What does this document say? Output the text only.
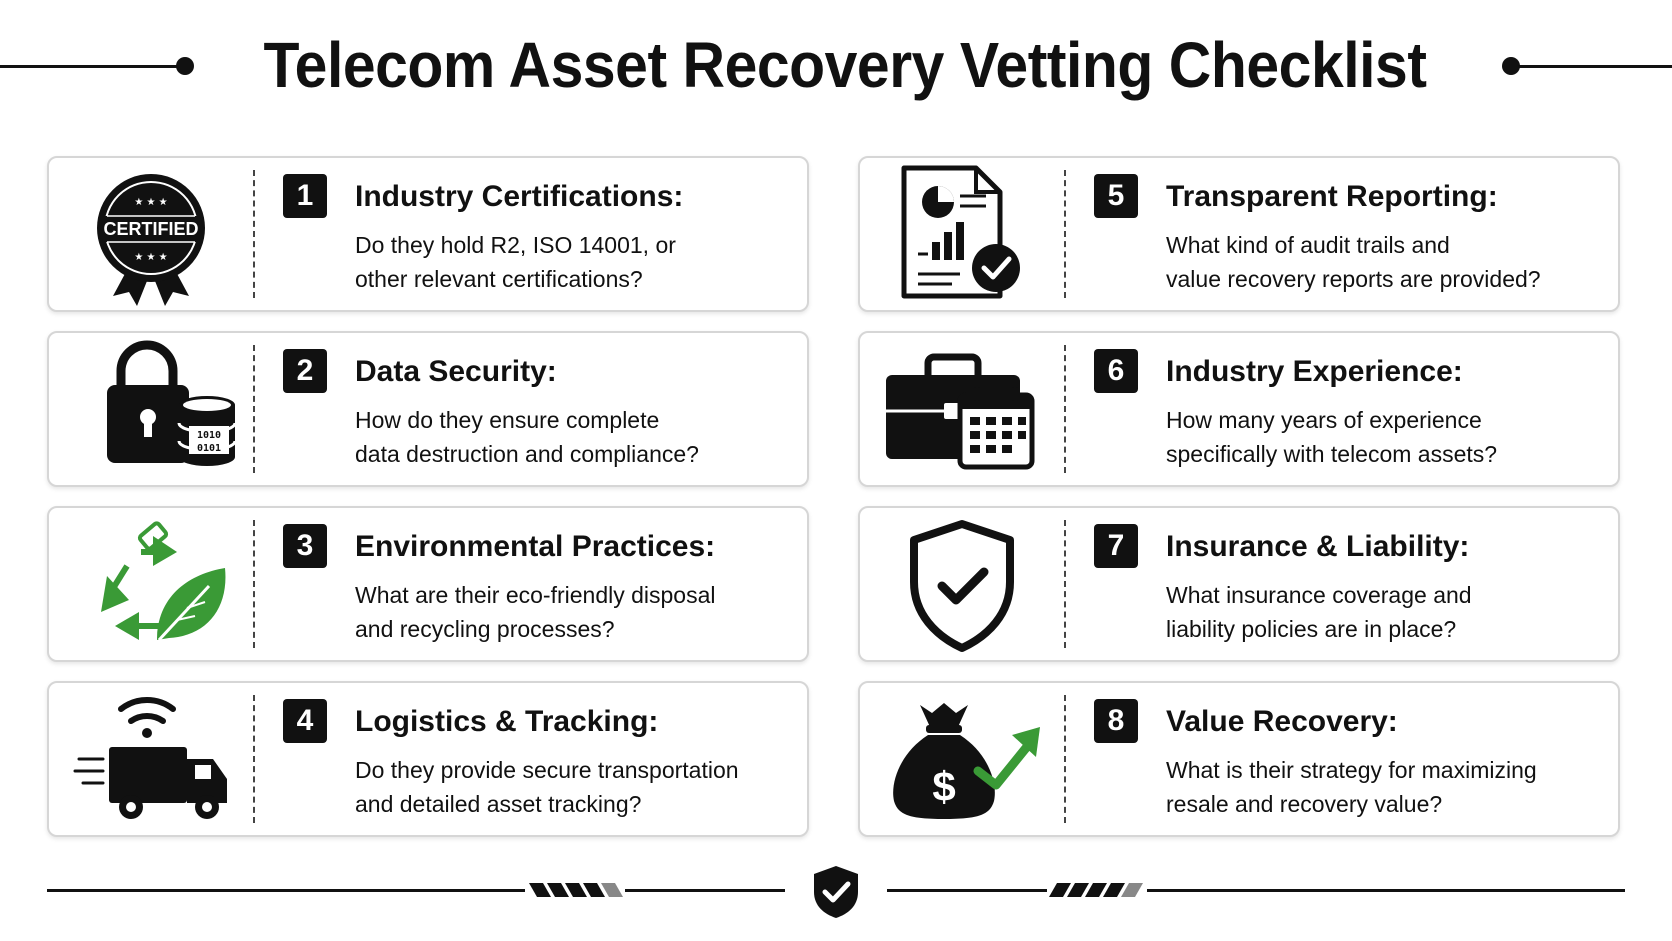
Telecom Asset Recovery Vetting Checklist
★ ★ ★
CERTIFIED
★ ★ ★
1	Industry Certifications:
Do they hold R2, ISO 14001, or
other relevant certifications?
1010
0101
2	Data Security:
How do they ensure complete
data destruction and compliance?
3	Environmental Practices:
What are their eco-friendly disposal
and recycling processes?
4	Logistics & Tracking:
Do they provide secure transportation
and detailed asset tracking?
5	Transparent Reporting:
What kind of audit trails and
value recovery reports are provided?
6	Industry Experience:
How many years of experience
specifically with telecom assets?
7	Insurance & Liability:
What insurance coverage and
liability policies are in place?
$
8	Value Recovery:
What is their strategy for maximizing
resale and recovery value?
